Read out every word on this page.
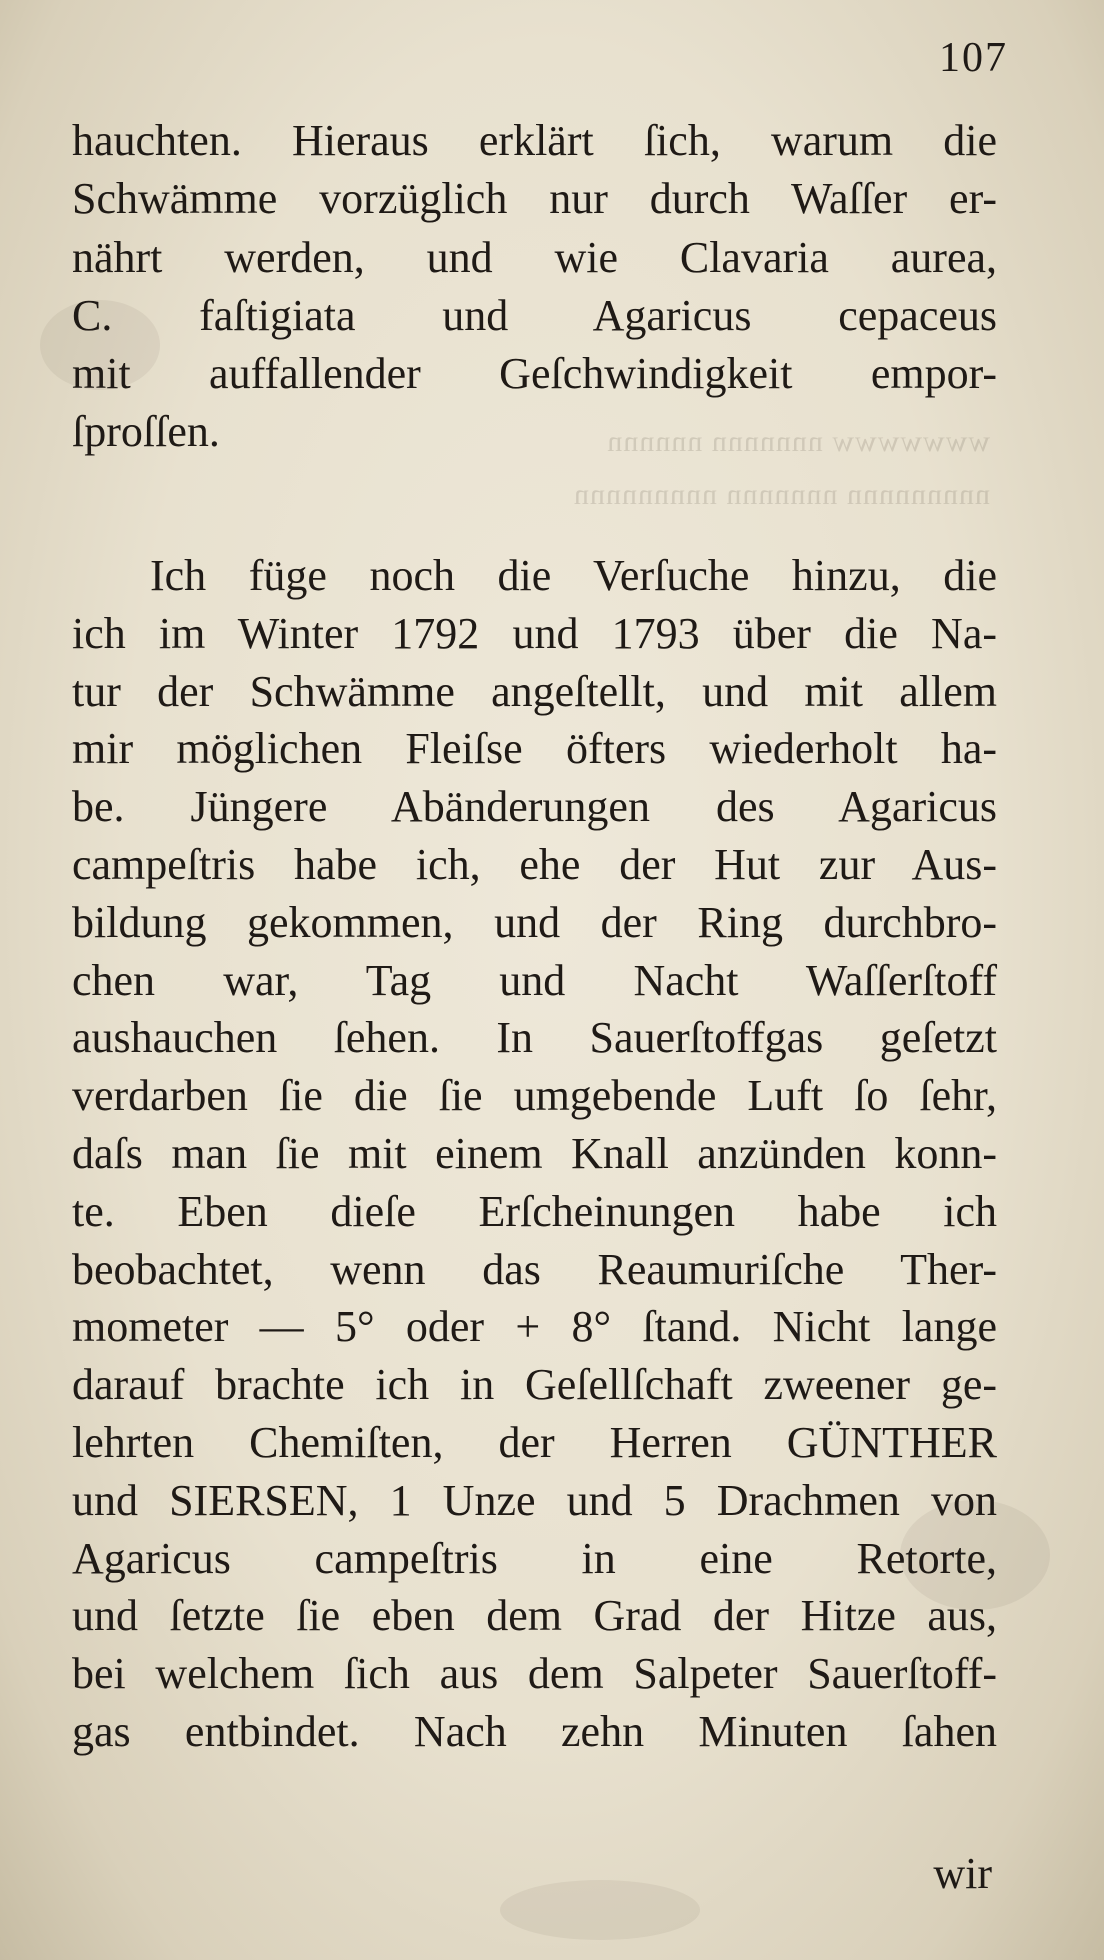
wwwwwww nnnnnnn nnnnnn
nnnnnnnnn nnnnnnn nnnnnnnnn
107
hauchten. Hieraus erklärt ſich, warum die
Schwämme vorzüglich nur durch Waſſer er-
nährt werden, und wie Clavaria aurea,
C. faſtigiata und Agaricus cepaceus
mit auffallender Geſchwindigkeit empor-
ſproſſen.
Ich füge noch die Verſuche hinzu, die
ich im Winter 1792 und 1793 über die Na-
tur der Schwämme angeſtellt, und mit allem
mir möglichen Fleiſse öfters wiederholt ha-
be. Jüngere Abänderungen des Agaricus
campeſtris habe ich, ehe der Hut zur Aus-
bildung gekommen, und der Ring durchbro-
chen war, Tag und Nacht Waſſerſtoff
aushauchen ſehen. In Sauerſtoffgas geſetzt
verdarben ſie die ſie umgebende Luft ſo ſehr,
daſs man ſie mit einem Knall anzünden konn-
te. Eben dieſe Erſcheinungen habe ich
beobachtet, wenn das Reaumuriſche Ther-
mometer — 5° oder + 8° ſtand. Nicht lange
darauf brachte ich in Geſellſchaft zweener ge-
lehrten Chemiſten, der Herren GÜNTHER
und SIERSEN, 1 Unze und 5 Drachmen von
Agaricus campeſtris in eine Retorte,
und ſetzte ſie eben dem Grad der Hitze aus,
bei welchem ſich aus dem Salpeter Sauerſtoff-
gas entbindet. Nach zehn Minuten ſahen
wir
